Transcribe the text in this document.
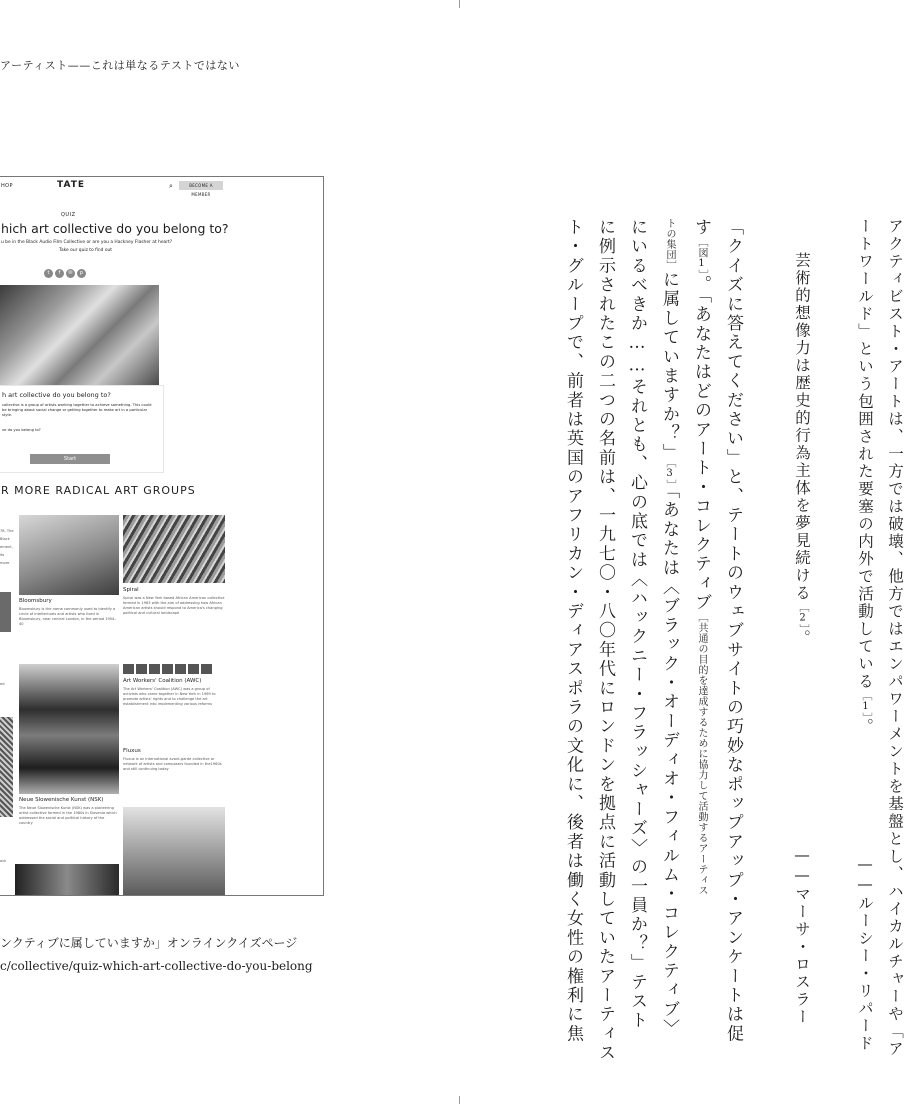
アーティスト——これは単なるテストではない
HOP	TATE	⌕	BECOME A MEMBER
QUIZ
hich art collective do you belong to?
u be in the Black Audio Film Collective or are you a Hackney Flasher at heart?
Take our quiz to find out
t f ✉ p
h art collective do you belong to?
collective is a group of artists working together to achieve something. This could be bringing about social change or getting together to make art in a particular style.
ve do you belong to?
Start
R MORE RADICAL ART GROUPS
78, The
Black
ement,
its
more
ed
ack
Bloomsbury
Bloomsbury is the name commonly used to identify a circle of intellectuals and artists who lived in Bloomsbury, near central London, in the period 1904–40
Spiral
Spiral was a New York based African American collective formed in 1963 with the aim of addressing how African American artists should respond to America's changing political and cultural landscape
Art Workers' Coalition (AWC)
The Art Workers' Coalition (AWC) was a group of activists who came together in New York in 1969 to promote artists' rights and to challenge the art establishment into implementing various reforms
Fluxus
Fluxus is an international avant-garde collective or network of artists and composers founded in the1960s and still continuing today
Neue Slowenische Kunst (NSK)
The Neue Slowenische Kunst (NSK) was a pioneering artist collective formed in the 1980s in Slovenia which addressed the social and political history of the country
ンクティブに属していますか」オンラインクイズページ
c/collective/quiz-which-art-collective-do-you-belong	アクティビスト・アートは、一方では破壊、他方ではエンパワーメントを基盤とし、ハイカルチャーや「ア
ートワールド」という包囲された要塞の内外で活動している［1］。
——ルーシー・リパード
芸術的想像力は歴史的行為主体を夢見続ける［2］。
——マーサ・ロスラー
「クイズに答えてください」と、テートのウェブサイトの巧妙なポップアップ・アンケートは促
す［図1］。「あなたはどのアート・コレクティブ［共通の目的を達成するために協力して活動するアーティス
トの集団］に属していますか？」［3］「あなたは〈ブラック・オーディオ・フィルム・コレクティブ〉
にいるべきか……それとも、心の底では〈ハックニー・フラッシャーズ〉の一員か？」テスト
に例示されたこの二つの名前は、一九七〇・八〇年代にロンドンを拠点に活動していたアーティス
ト・グループで、前者は英国のアフリカン・ディアスポラの文化に、後者は働く女性の権利に焦
